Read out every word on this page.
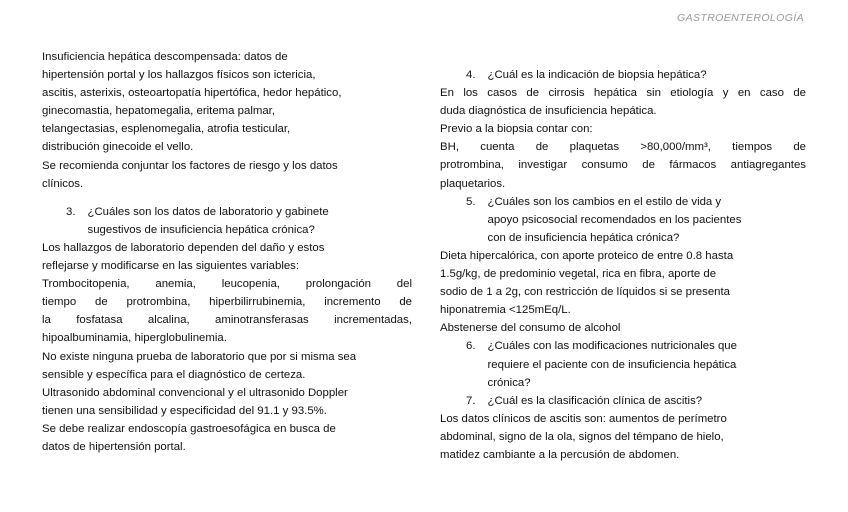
GASTROENTEROLOGÍA

Insuficiencia hepática descompensada: datos de

hipertensión portal y los hallazgos físicos son ictericia,

ascitis, asterixis, osteoartopatía hipertófica, hedor hepático,

ginecomastia, hepatomegalia, eritema palmar,

telangectasias, esplenomegalia, atrofia testicular,

distribución ginecoide el vello.

Se recomienda conjuntar los factores de riesgo y los datos

clínicos.

3.	¿Cuáles son los datos de laboratorio y gabinete

sugestivos de insuficiencia hepática crónica?

Los hallazgos de laboratorio dependen del daño y estos

reflejarse y modificarse en las siguientes variables:

Trombocitopenia, anemia, leucopenia, prolongación del

tiempo de protrombina, hiperbilirrubinemia, incremento de

la fosfatasa alcalina, aminotransferasas incrementadas,

hipoalbuminamia, hiperglobulinemia.

No existe ninguna prueba de laboratorio que por si misma sea

sensible y específica para el diagnóstico de certeza.

Ultrasonido abdominal convencional y el ultrasonido Doppler

tienen una sensibilidad y especificidad del 91.1 y 93.5%.

Se debe realizar endoscopía gastroesofágica en busca de

datos de hipertensión portal.

4.	¿Cuál es la indicación de biopsia hepática?

En los casos de cirrosis hepática sin etiología y en caso de

duda diagnóstica de insuficiencia hepática.

Previo a la biopsia contar con:

BH, cuenta de plaquetas >80,000/mm³, tiempos de

protrombina, investigar consumo de fármacos antiagregantes

plaquetarios.

5.	¿Cuáles son los cambios en el estilo de vida y

apoyo psicosocial recomendados en los pacientes

con de insuficiencia hepática crónica?

Dieta hipercalórica, con aporte proteico de entre 0.8 hasta

1.5g/kg, de predominio vegetal, rica en fibra, aporte de

sodio de 1 a 2g, con restricción de líquidos si se presenta

hiponatremia <125mEq/L.

Abstenerse del consumo de alcohol

6.	¿Cuáles con las modificaciones nutricionales que

requiere el paciente con de insuficiencia hepática

crónica?

7.	¿Cuál es la clasificación clínica de ascitis?

Los datos clínicos de ascitis son: aumentos de perímetro

abdominal, signo de la ola, signos del témpano de hielo,

matidez cambiante a la percusión de abdomen.
